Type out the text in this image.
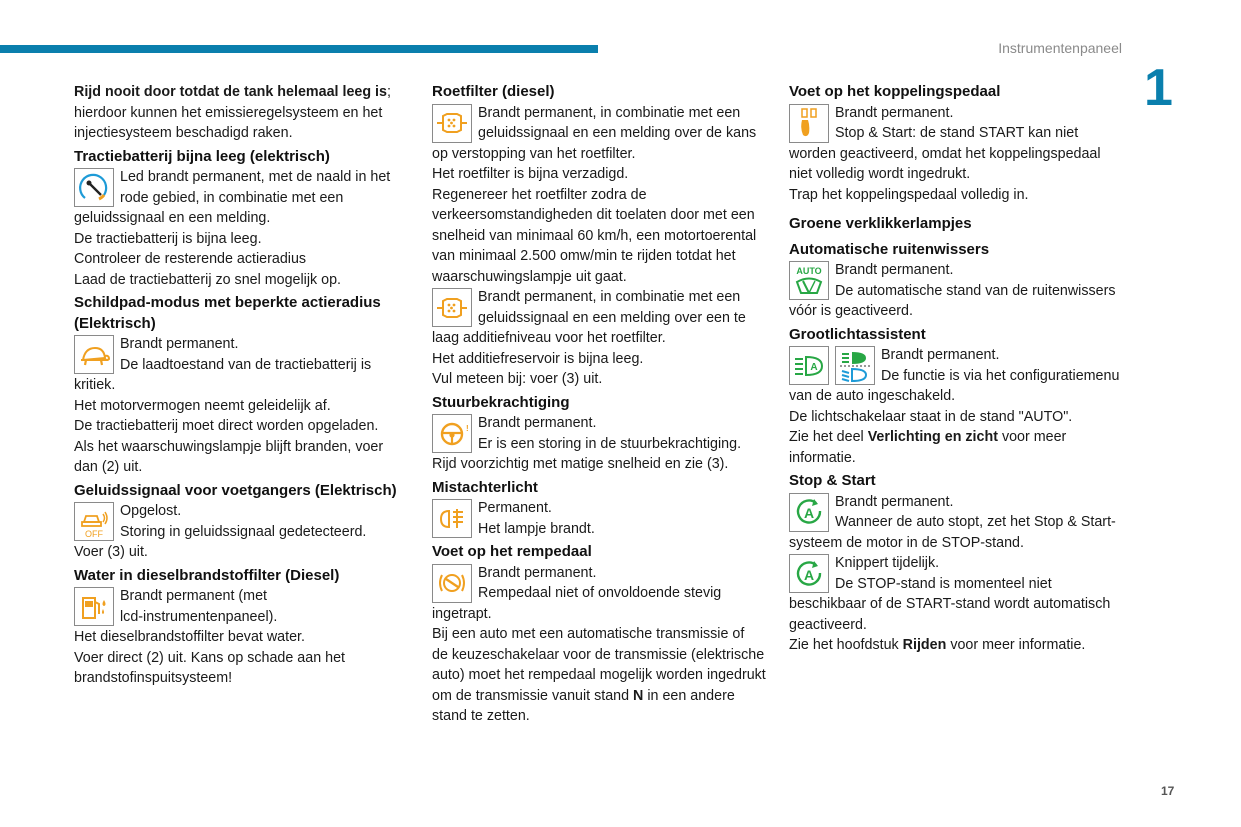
Instrumentenpaneel
1
17

Rijd nooit door totdat de tank helemaal leeg is;

hierdoor kunnen het emissieregelsysteem en het

injectiesysteem beschadigd raken.

Tractiebatterij bijna leeg (elektrisch)

Led brandt permanent, met de naald in het

rode gebied, in combinatie met een

geluidssignaal en een melding.

De tractiebatterij is bijna leeg.

Controleer de resterende actieradius

Laad de tractiebatterij zo snel mogelijk op.

Schildpad-modus met beperkte actieradius
(Elektrisch)

Brandt permanent.

De laadtoestand van de tractiebatterij is

kritiek.

Het motorvermogen neemt geleidelijk af.

De tractiebatterij moet direct worden opgeladen.

Als het waarschuwingslampje blijft branden, voer

dan (2) uit.

Geluidssignaal voor voetgangers (Elektrisch)
OFF

Opgelost.

Storing in geluidssignaal gedetecteerd.

Voer (3) uit.

Water in dieselbrandstoffilter (Diesel)

Brandt permanent (met

lcd-instrumentenpaneel).

Het dieselbrandstoffilter bevat water.

Voer direct (2) uit. Kans op schade aan het

brandstofinspuitsysteem!

Roetfilter (diesel)

Brandt permanent, in combinatie met een

geluidssignaal en een melding over de kans

op verstopping van het roetfilter.

Het roetfilter is bijna verzadigd.

Regenereer het roetfilter zodra de

verkeersomstandigheden dit toelaten door met een

snelheid van minimaal 60 km/h, een motortoerental

van minimaal 2.500 omw/min te rijden totdat het

waarschuwingslampje uit gaat.

Brandt permanent, in combinatie met een

geluidssignaal en een melding over een te

laag additiefniveau voor het roetfilter.

Het additiefreservoir is bijna leeg.

Vul meteen bij: voer (3) uit.

Stuurbekrachtiging
! Brandt permanent.

Er is een storing in de stuurbekrachtiging.

Rijd voorzichtig met matige snelheid en zie (3).

Mistachterlicht

Permanent.

Het lampje brandt.

Voet op het rempedaal

Brandt permanent.

Rempedaal niet of onvoldoende stevig

ingetrapt.

Bij een auto met een automatische transmissie of

de keuzeschakelaar voor de transmissie (elektrische

auto) moet het rempedaal mogelijk worden ingedrukt

om de transmissie vanuit stand N in een andere

stand te zetten.

Voet op het koppelingspedaal

Brandt permanent.

Stop & Start: de stand START kan niet

worden geactiveerd, omdat het koppelingspedaal

niet volledig wordt ingedrukt.

Trap het koppelingspedaal volledig in.

Groene verklikkerlampjes
Automatische ruitenwissers
AUTO Brandt permanent.

De automatische stand van de ruitenwissers

vóór is geactiveerd.

Grootlichtassistent
A

Brandt permanent.

De functie is via het configuratiemenu

van de auto ingeschakeld.

De lichtschakelaar staat in de stand "AUTO".

Zie het deel Verlichting en zicht voor meer

informatie.

Stop & Start
A

Brandt permanent.

Wanneer de auto stopt, zet het Stop & Start-

systeem de motor in de STOP-stand.

A

Knippert tijdelijk.

De STOP-stand is momenteel niet

beschikbaar of de START-stand wordt automatisch

geactiveerd.

Zie het hoofdstuk Rijden voor meer informatie.
